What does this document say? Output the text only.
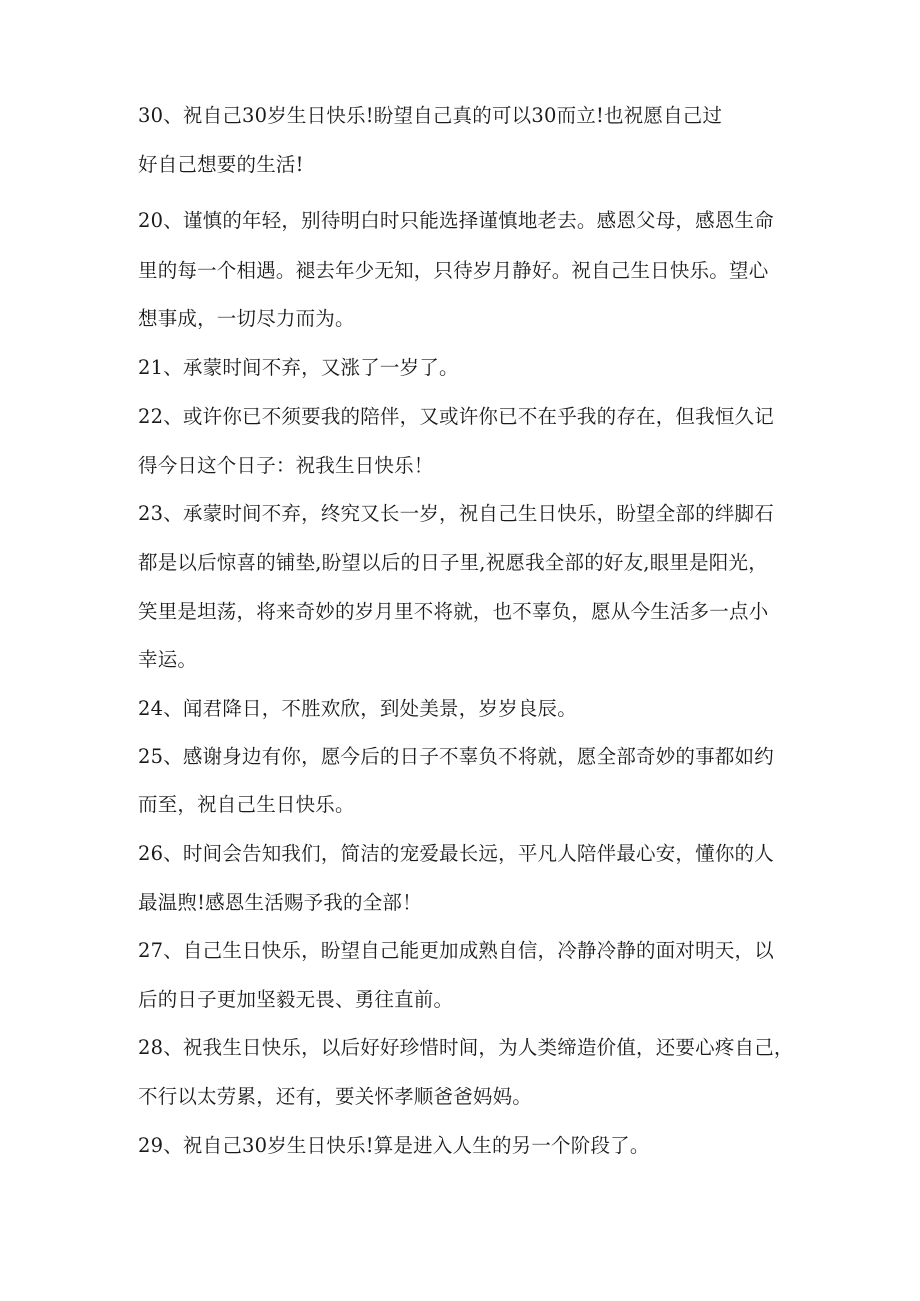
30、祝自己30岁生日快乐!盼望自己真的可以30而立!也祝愿自己过
好自己想要的生活!
20、谨慎的年轻，别待明白时只能选择谨慎地老去。感恩父母，感恩生命
里的每一个相遇。褪去年少无知，只待岁月静好。祝自己生日快乐。望心
想事成，一切尽力而为。
21、承蒙时间不弃，又涨了一岁了。
22、或许你已不须要我的陪伴，又或许你已不在乎我的存在，但我恒久记
得今日这个日子：祝我生日快乐！
23、承蒙时间不弃，终究又长一岁，祝自己生日快乐，盼望全部的绊脚石
都是以后惊喜的铺垫,盼望以后的日子里,祝愿我全部的好友,眼里是阳光，
笑里是坦荡，将来奇妙的岁月里不将就，也不辜负，愿从今生活多一点小
幸运。
24、闻君降日，不胜欢欣，到处美景，岁岁良辰。
25、感谢身边有你，愿今后的日子不辜负不将就，愿全部奇妙的事都如约
而至，祝自己生日快乐。
26、时间会告知我们，简洁的宠爱最长远，平凡人陪伴最心安，懂你的人
最温煦!感恩生活赐予我的全部！
27、自己生日快乐，盼望自己能更加成熟自信，冷静冷静的面对明天，以
后的日子更加坚毅无畏、勇往直前。
28、祝我生日快乐，以后好好珍惜时间，为人类缔造价值，还要心疼自己，
不行以太劳累，还有，要关怀孝顺爸爸妈妈。
29、祝自己30岁生日快乐!算是进入人生的另一个阶段了。
